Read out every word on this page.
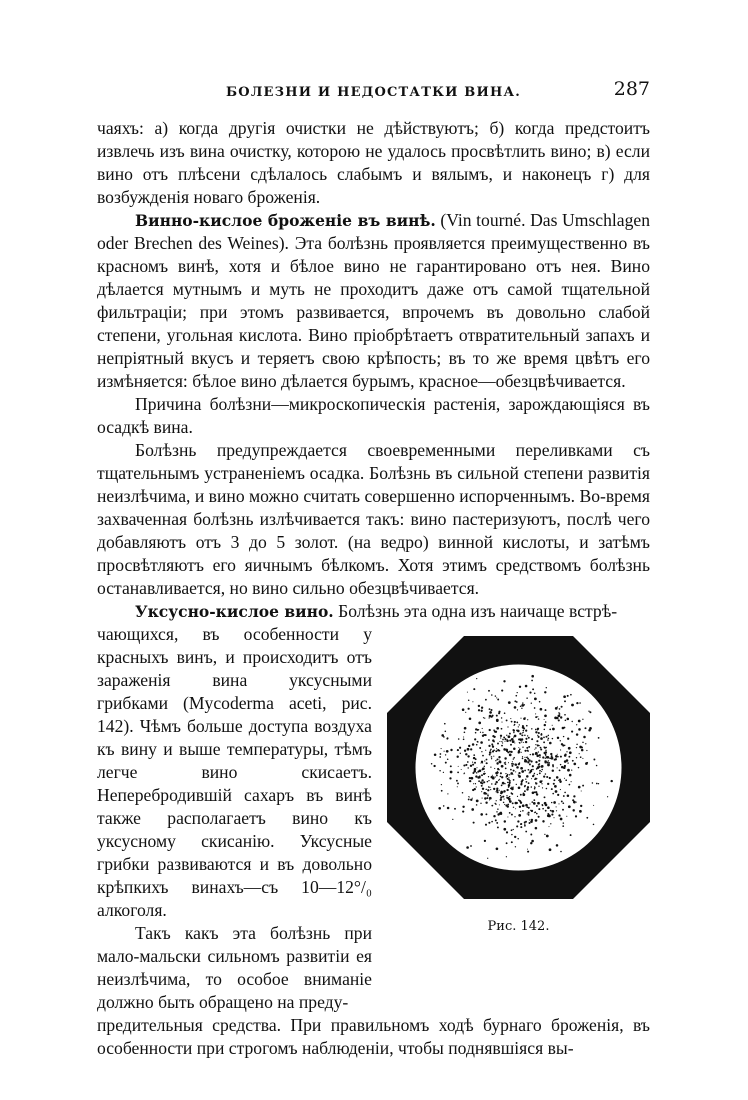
БОЛЕЗНИ И НЕДОСТАТКИ ВИНА.	287

чаяхъ: а) когда другія очистки не дѣйствуютъ; б) когда предстоитъ извлечь изъ вина очистку, которою не удалось просвѣтлить вино; в) если вино отъ плѣсени сдѣлалось слабымъ и вялымъ, и наконецъ г) для возбужденія новаго броженія.

Винно-кислое броженіе въ винѣ. (Vin tourné. Das Umschlagen oder Brechen des Weines). Эта болѣзнь проявляется преимущественно въ красномъ винѣ, хотя и бѣлое вино не гарантировано отъ нея. Вино дѣлается мутнымъ и муть не проходитъ даже отъ самой тщательной фильтраціи; при этомъ развивается, впрочемъ въ довольно слабой степени, угольная кислота. Вино пріобрѣтаетъ отвратительный запахъ и непріятный вкусъ и теряетъ свою крѣпость; въ то же время цвѣтъ его измѣняется: бѣлое вино дѣлается бурымъ, красное—обезцвѣчивается.

Причина болѣзни—микроскопическія растенія, зарождающіяся въ осадкѣ вина.

Болѣзнь предупреждается своевременными переливками съ тщательнымъ устраненіемъ осадка. Болѣзнь въ сильной степени развитія неизлѣчима, и вино можно считать совершенно испорченнымъ. Во-время захваченная болѣзнь излѣчивается такъ: вино пастеризуютъ, послѣ чего добавляютъ отъ 3 до 5 золот. (на ведро) винной кислоты, и затѣмъ просвѣтляютъ его яичнымъ бѣлкомъ. Хотя этимъ средствомъ болѣзнь останавливается, но вино сильно обезцвѣчивается.

Уксусно-кислое вино. Болѣзнь эта одна изъ наичаще встрѣ-

Рис. 142.

чающихся, въ особенности у красныхъ винъ, и происходитъ отъ зараженія вина уксусными грибками (Mycoderma aceti, рис. 142). Чѣмъ больше доступа воздуха къ вину и выше температуры, тѣмъ легче вино скисаетъ. Неперебродившій сахаръ въ винѣ также располагаетъ вино къ уксусному скисанію. Уксусные грибки развиваются и въ довольно крѣпкихъ винахъ—съ 10—12°/₀ алкоголя.

Такъ какъ эта болѣзнь при мало-мальски сильномъ развитіи ея неизлѣчима, то особое вниманіе должно быть обращено на преду-

предительныя средства. При правильномъ ходѣ бурнаго броженія, въ особенности при строгомъ наблюденіи, чтобы поднявшіяся вы-
